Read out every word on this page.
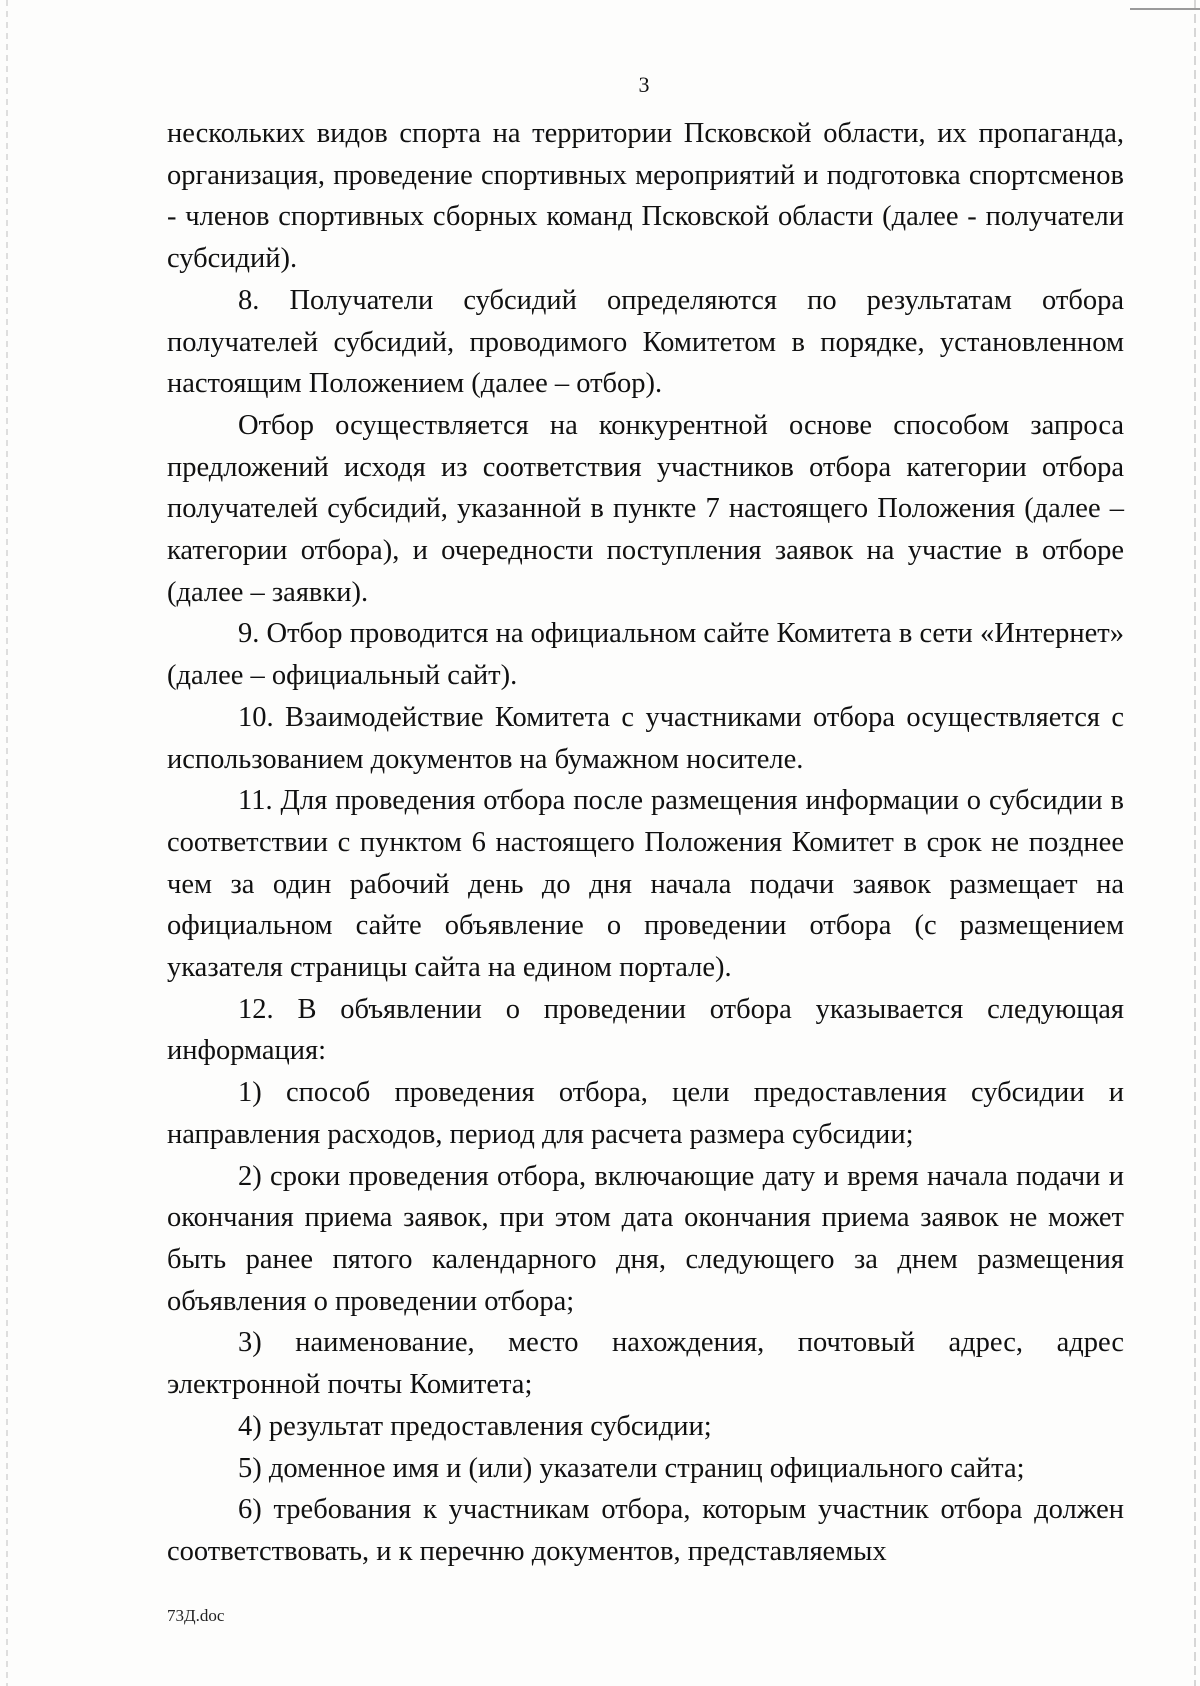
3

нескольких видов спорта на территории Псковской области, их пропаганда, организация, проведение спортивных мероприятий и подготовка спортсменов - членов спортивных сборных команд Псковской области (далее - получатели субсидий).

8. Получатели субсидий определяются по результатам отбора получателей субсидий, проводимого Комитетом в порядке, установленном настоящим Положением (далее – отбор).

Отбор осуществляется на конкурентной основе способом запроса предложений исходя из соответствия участников отбора категории отбора получателей субсидий, указанной в пункте 7 настоящего Положения (далее – категории отбора), и очередности поступления заявок на участие в отборе (далее – заявки).

9. Отбор проводится на официальном сайте Комитета в сети «Интернет» (далее – официальный сайт).

10. Взаимодействие Комитета с участниками отбора осуществляется с использованием документов на бумажном носителе.

11. Для проведения отбора после размещения информации о субсидии в соответствии с пунктом 6 настоящего Положения Комитет в срок не позднее чем за один рабочий день до дня начала подачи заявок размещает на официальном сайте объявление о проведении отбора (с размещением указателя страницы сайта на едином портале).

12. В объявлении о проведении отбора указывается следующая информация:

1) способ проведения отбора, цели предоставления субсидии и направления расходов, период для расчета размера субсидии;

2) сроки проведения отбора, включающие дату и время начала подачи и окончания приема заявок, при этом дата окончания приема заявок не может быть ранее пятого календарного дня, следующего за днем размещения объявления о проведении отбора;

3) наименование, место нахождения, почтовый адрес, адрес электронной почты Комитета;

4) результат предоставления субсидии;

5) доменное имя и (или) указатели страниц официального сайта;

6) требования к участникам отбора, которым участник отбора должен соответствовать, и к перечню документов, представляемых

73Д.doc
